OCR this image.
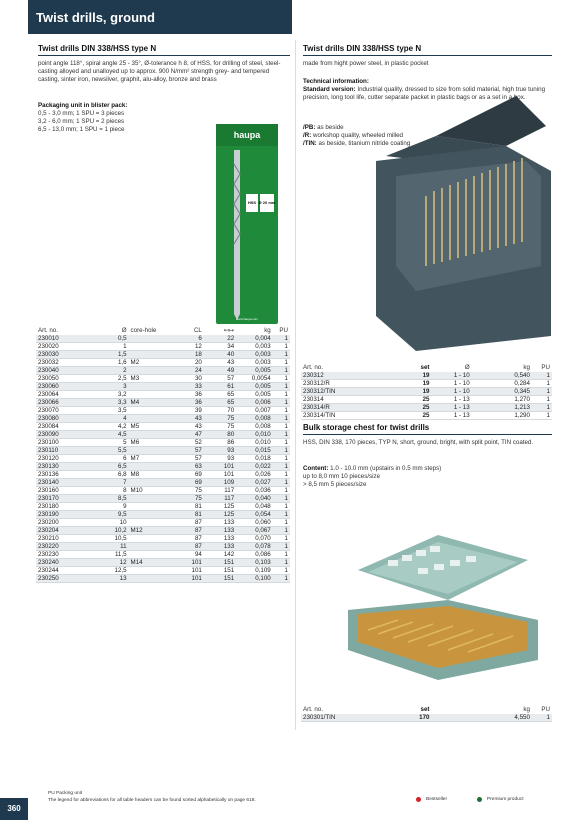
Twist drills, ground
Twist drills DIN 338/HSS type N
point angle 118°, spiral angle 25 - 35°, Ø-tolerance h 8, of HSS, for drilling of steel, steel-casting alloyed and unalloyed up to approx. 900 N/mm² strength grey- and tempered casting, sinter iron, newsilver, graphit, alu-alloy, bronze and brass
Packaging unit in blister pack:
0,5 - 3,0 mm; 1 SPU = 3 pieces
3,2 - 6,0 mm; 1 SPU = 2 pieces
6,5 - 13,0 mm; 1 SPU = 1 piece
haupa
HSS Ø 20 mm
www.haupa.com
Art. no.	Ø	core-hole	CL	↤↦	kg	PU
230010	0,5		6	22	0,004	1
230020	1		12	34	0,003	1
230030	1,5		18	40	0,003	1
230032	1,6	M2	20	43	0,003	1
230040	2		24	49	0,005	1
230050	2,5	M3	30	57	0,0054	1
230060	3		33	61	0,005	1
230064	3,2		36	65	0,005	1
230066	3,3	M4	36	65	0,006	1
230070	3,5		39	70	0,007	1
230080	4		43	75	0,008	1
230084	4,2	M5	43	75	0,008	1
230090	4,5		47	80	0,010	1
230100	5	M6	52	86	0,010	1
230110	5,5		57	93	0,015	1
230120	6	M7	57	93	0,018	1
230130	6,5		63	101	0,022	1
230136	6,8	M8	69	101	0,026	1
230140	7		69	109	0,027	1
230160	8	M10	75	117	0,036	1
230170	8,5		75	117	0,040	1
230180	9		81	125	0,048	1
230190	9,5		81	125	0,054	1
230200	10		87	133	0,060	1
230204	10,2	M12	87	133	0,067	1
230210	10,5		87	133	0,070	1
230220	11		87	133	0,078	1
230230	11,5		94	142	0,086	1
230240	12	M14	101	151	0,103	1
230244	12,5		101	151	0,109	1
230250	13		101	151	0,100	1
Twist drills DIN 338/HSS type N
made from hight power steel, in plastic pocket
Technical information:
Standard version: Industrial quality, dressed to size from solid material, high true tuning precision, long tool life, cutter separate packet in plastic bags or as a set in a box.
/PB: as beside
/R: workshop quality, wheeled milled
/TIN: as beside, titanium nitride coating
Art. no.	set	Ø	kg	PU
230312	19	1 - 10	0,540	1
230312/R	19	1 - 10	0,284	1
230312/TIN	19	1 - 10	0,345	1
230314	25	1 - 13	1,270	1
230314/R	25	1 - 13	1,213	1
230314/TIN	25	1 - 13	1,290	1
Bulk storage chest for twist drills
HSS, DIN 338, 170 pieces, TYP N, short, ground, bright, with split point, TIN coated.
Content: 1.0 - 10.0 mm (upstairs in 0.5 mm steps)
up to 8,0 mm 10 pieces/size
> 8,5 mm 5 pieces/size
Art. no.	set	kg	PU
230301/TIN	170	4,550	1
360
PU Packing unit
The legend for abbreviations for all table headers can be found sorted alphabetically on page 618.	Bestseller	Premium product
